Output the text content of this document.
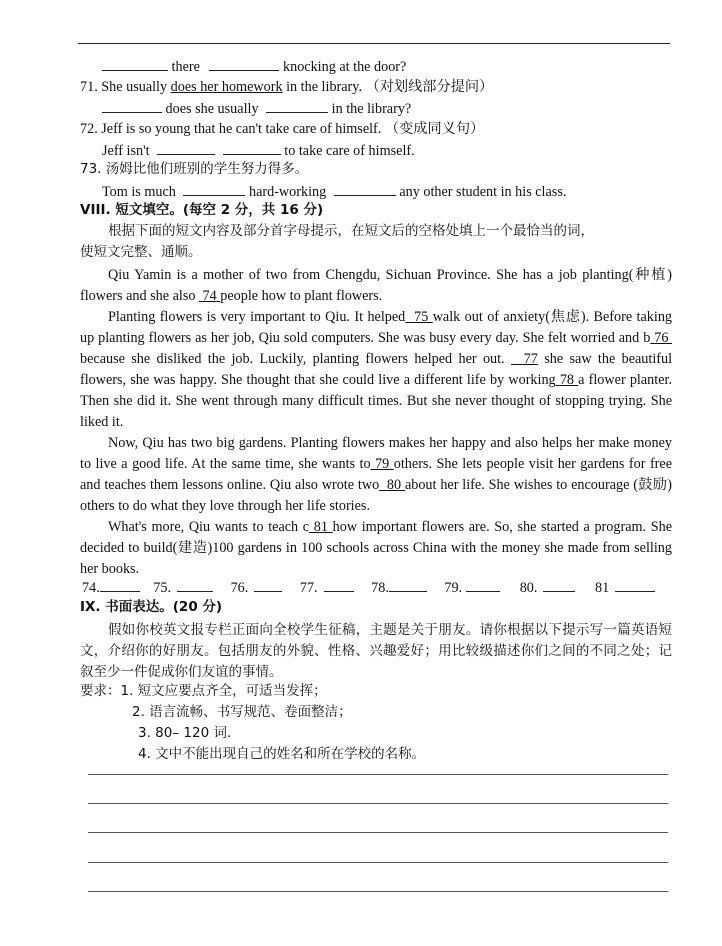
there	knocking at the door?
71. She usually does her homework in the library. （对划线部分提问）
does she usually	in the library?
72. Jeff is so young that he can't take care of himself. （变成同义句）
Jeff isn't	to take care of himself.
73. 汤姆比他们班别的学生努力得多。
Tom is much	hard-working	any other student in his class.
VIII. 短文填空。(每空 2 分，共 16 分)
根据下面的短文内容及部分首字母提示，在短文后的空格处填上一个最恰当的词，
使短文完整、通顺。
Qiu Yamin is a mother of two from Chengdu, Sichuan Province. She has a job planting(种植) flowers and she also 74 people how to plant flowers.
Planting flowers is very important to Qiu. It helped 75 walk out of anxiety(焦虑). Before taking up planting flowers as her job, Qiu sold computers. She was busy every day. She felt worried and b 76  because she disliked the job. Luckily, planting flowers helped her out. 77 she saw the beautiful flowers, she was happy. She thought that she could live a different life by working 78 a flower planter. Then she did it. She went through many difficult times. But she never thought of stopping trying. She liked it.
Now, Qiu has two big gardens. Planting flowers makes her happy and also helps her make money to live a good life. At the same time, she wants to 79 others. She lets people visit her gardens for free and teaches them lessons online. Qiu also wrote two 80 about her life. She wishes to encourage (鼓励) others to do what they love through her life stories.
What's more, Qiu wants to teach c 81 how important flowers are. So, she started a program. She decided to build(建造)100 gardens in 100 schools across China with the money she made from selling her books.
74.	75.	76.	77.	78.	79.	80.	81
IX. 书面表达。(20 分)
假如你校英文报专栏正面向全校学生征稿，主题是关于朋友。请你根据以下提示写一篇英语短文，介绍你的好朋友。包括朋友的外貌、性格、兴趣爱好；用比较级描述你们之间的不同之处；记叙至少一件促成你们友谊的事情。
要求：1. 短文应要点齐全，可适当发挥；
2. 语言流畅、书写规范、卷面整洁；
3. 80– 120 词.
4. 文中不能出现自己的姓名和所在学校的名称。
